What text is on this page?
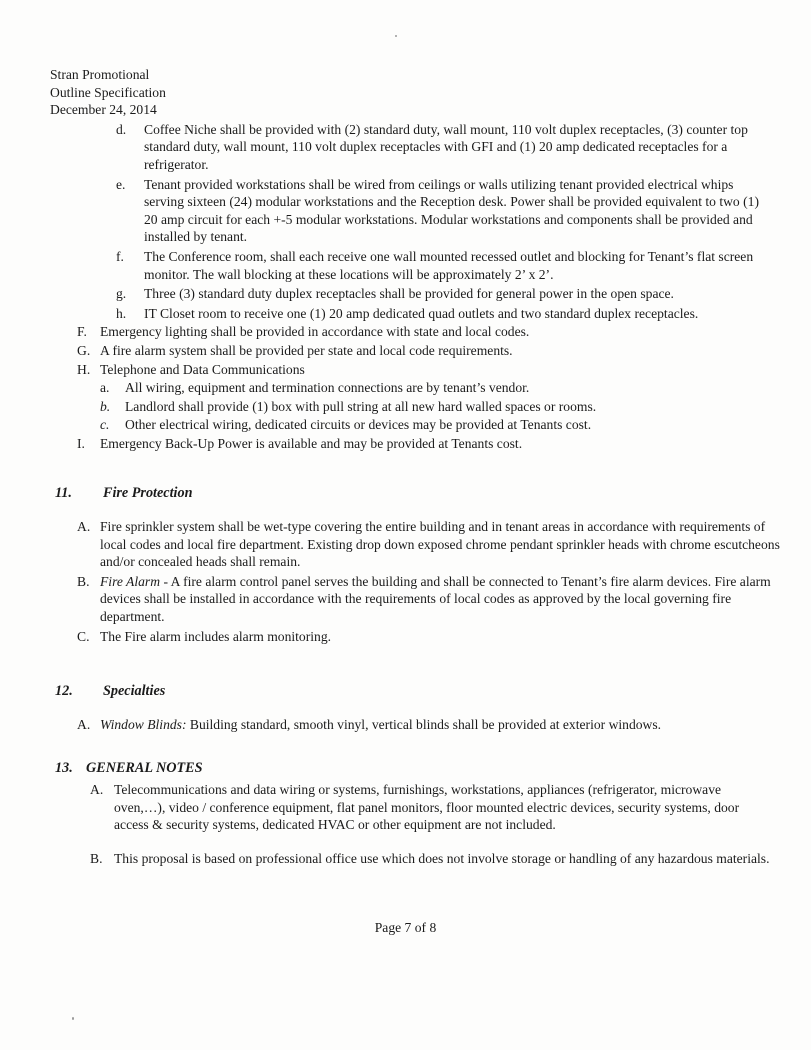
Stran Promotional
Outline Specification
December 24, 2014
d.	Coffee Niche shall be provided with (2) standard duty, wall mount, 110 volt duplex receptacles, (3) counter top standard duty, wall mount, 110 volt duplex receptacles with GFI and (1) 20 amp dedicated receptacles for a refrigerator.
e.	Tenant provided workstations shall be wired from ceilings or walls utilizing tenant provided electrical whips serving sixteen (24) modular workstations and the Reception desk. Power shall be provided equivalent to two (1) 20 amp circuit for each +-5 modular workstations. Modular workstations and components shall be provided and installed by tenant.
f.	The Conference room, shall each receive one wall mounted recessed outlet and blocking for Tenant’s flat screen monitor. The wall blocking at these locations will be approximately 2’ x 2’.
g.	Three (3) standard duty duplex receptacles shall be provided for general power in the open space.
h.	IT Closet room to receive one (1) 20 amp dedicated quad outlets and two standard duplex receptacles.
F. Emergency lighting shall be provided in accordance with state and local codes.
G. A fire alarm system shall be provided per state and local code requirements.
H. Telephone and Data Communications
a.	All wiring, equipment and termination connections are by tenant’s vendor.
b.	Landlord shall provide (1) box with pull string at all new hard walled spaces or rooms.
c.	Other electrical wiring, dedicated circuits or devices may be provided at Tenants cost.
I.	Emergency Back-Up Power is available and may be provided at Tenants cost.
11.	Fire Protection
A. Fire sprinkler system shall be wet-type covering the entire building and in tenant areas in accordance with requirements of local codes and local fire department. Existing drop down exposed chrome pendant sprinkler heads with chrome escutcheons and/or concealed heads shall remain.
B. Fire Alarm - A fire alarm control panel serves the building and shall be connected to Tenant’s fire alarm devices. Fire alarm devices shall be installed in accordance with the requirements of local codes as approved by the local governing fire department.
C. The Fire alarm includes alarm monitoring.
12.	Specialties
A. Window Blinds: Building standard, smooth vinyl, vertical blinds shall be provided at exterior windows.
13. GENERAL NOTES
A. Telecommunications and data wiring or systems, furnishings, workstations, appliances (refrigerator, microwave oven,…), video / conference equipment, flat panel monitors, floor mounted electric devices, security systems, door access & security systems, dedicated HVAC or other equipment are not included.
B. This proposal is based on professional office use which does not involve storage or handling of any hazardous materials.
Page 7 of 8
